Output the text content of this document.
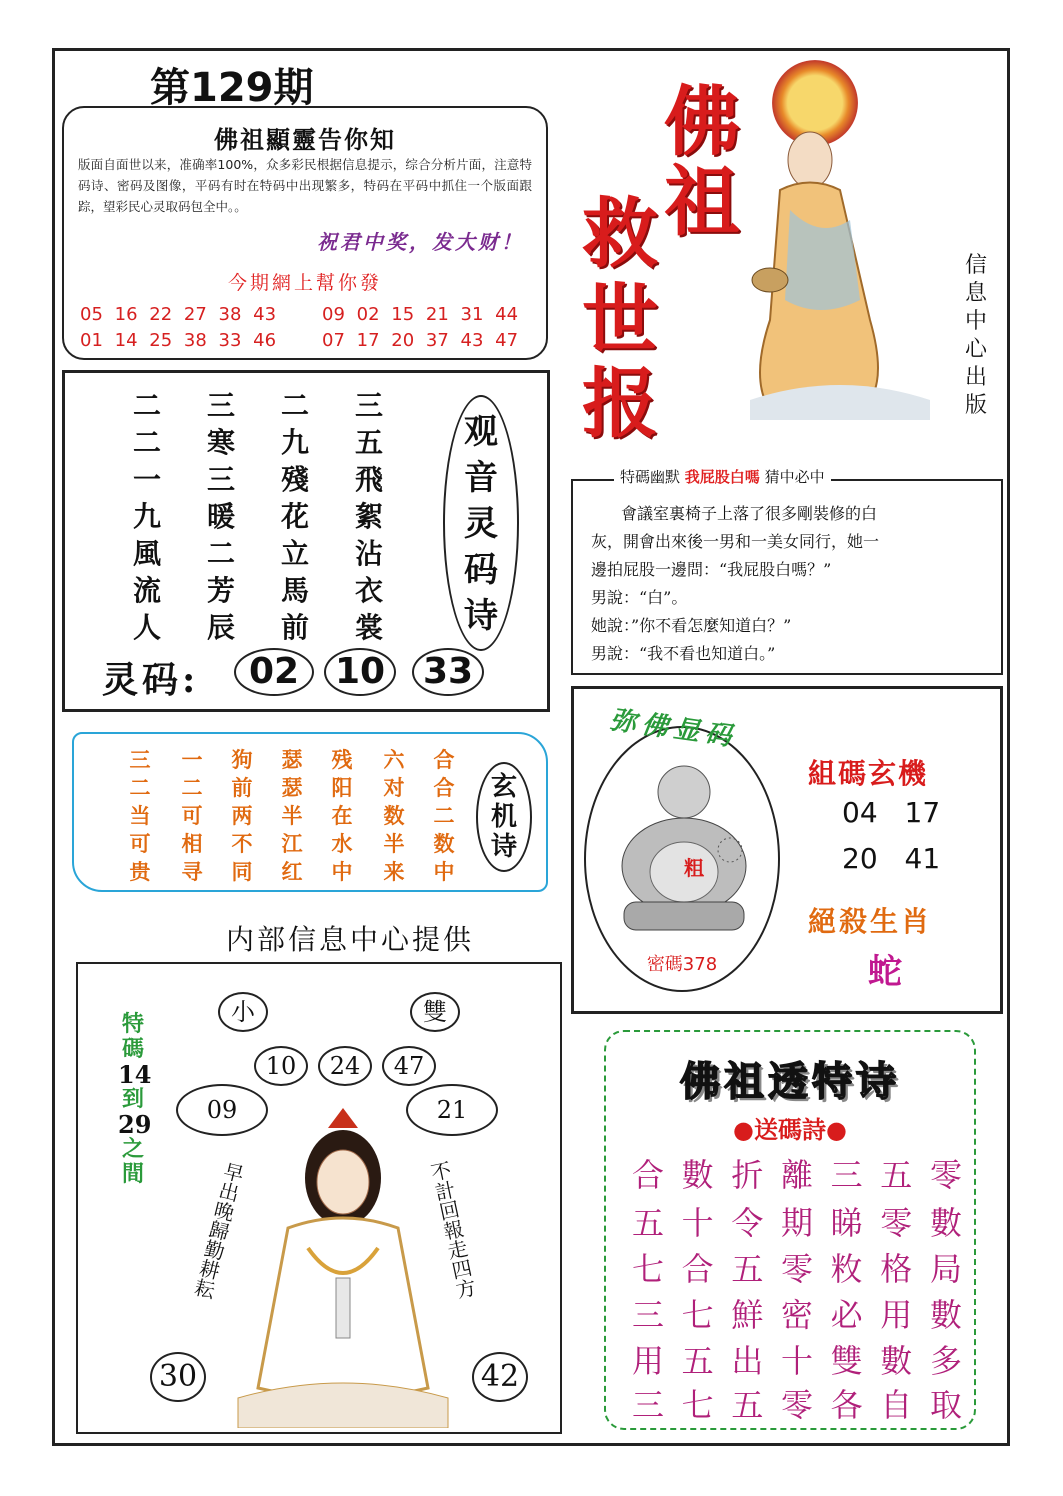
第129期
佛祖顯靈告你知
版面自面世以来，准确率100%，众多彩民根据信息提示，综合分析片面，注意特码诗、密码及图像，平码有时在特码中出现繁多，特码在平码中抓住一个版面跟踪，望彩民心灵取码包全中。。
祝君中奖，发大财！
今期網上幫你發
05 16 22 27 38 43	09 02 15 21 31 44
01 14 25 38 33 46	07 17 20 37 43 47
佛
祖
救
世
报
信息中心出版
二
二
一
九
風
流
人
三
寒
三
暖
二
芳
辰
二
九
殘
花
立
馬
前
三
五
飛
絮
沾
衣
裳
观
音
灵
码
诗
灵码:	02 10	33
會議室裏椅子上落了很多剛裝修的白
灰，開會出來後一男和一美女同行，她一
邊拍屁股一邊問：“我屁股白嗎？”
男說：“白”。
她說：”你不看怎麼知道白？”
男說：“我不看也知道白。”
特碼幽默 我屁股白嗎 猜中必中
三
二
当
可
贵
一
二
可
相
寻
狗
前
两
不
同
瑟
瑟
半
江
红
残
阳
在
水
中
六
对
数
半
来
合
合
二
数
中
玄
机
诗
内部信息中心提供
粗
密碼378
弥佛显码
組碼玄機
04 17
20 41
絕殺生肖
蛇
小	雙
10	24	47
09	21
30	42
特
碼
14
到
29
之
間 早出晚歸勤耕耘	不計回報走四方
佛祖透特诗
●送碼詩●
合 數 折 離 三 五 零
五 十 令 期 睇 零 數
七 合 五 零 敉 格 局
三 七 鮮 密 必 用 數
用 五 出 十 雙 數 多
三 七 五 零 各 自 取
